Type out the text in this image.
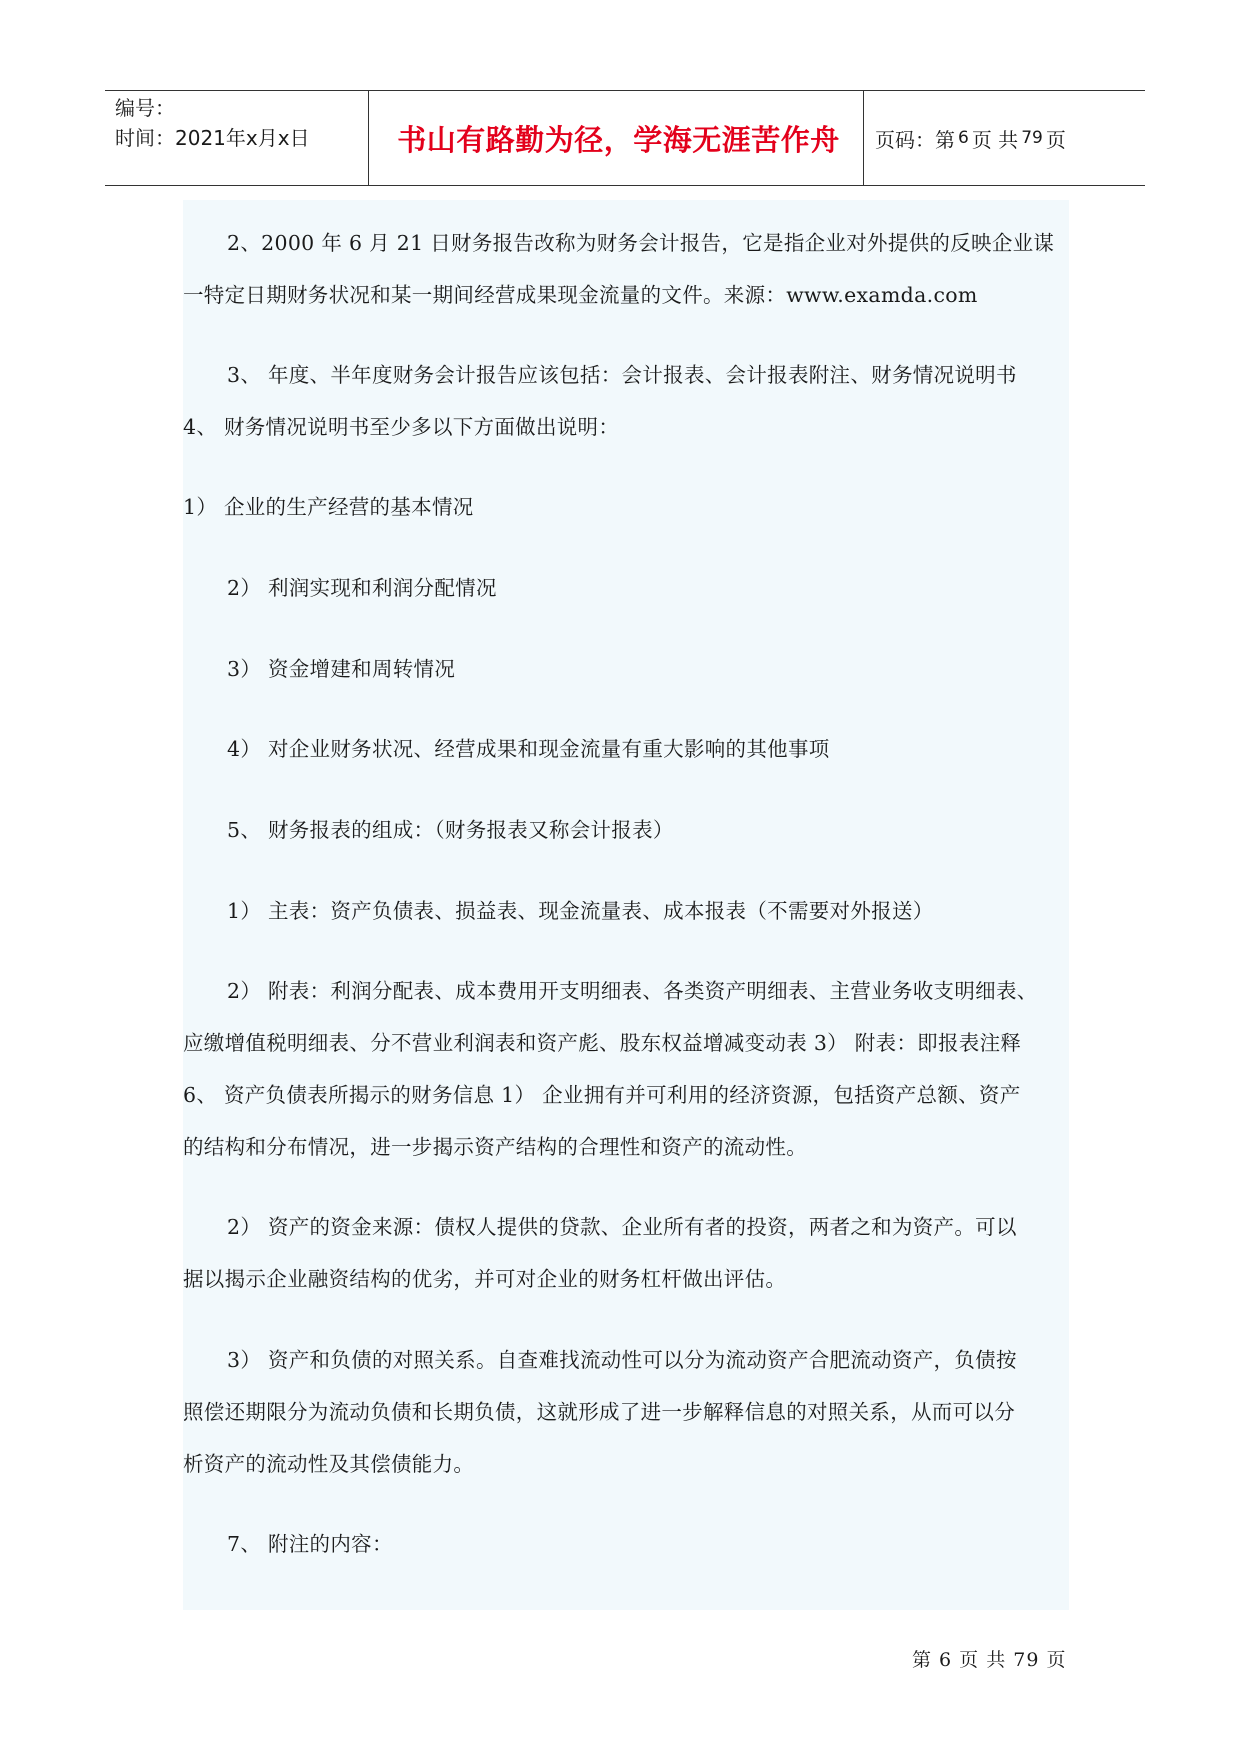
编号：
时间：2021年x月x日	书山有路勤为径，学海无涯苦作舟	页码：第 6 页 共 79 页
2、2000 年 6 月 21 日财务报告改称为财务会计报告，它是指企业对外提供的反映企业谋
一特定日期财务状况和某一期间经营成果现金流量的文件。来源：www.examda.com
3、 年度、半年度财务会计报告应该包括：会计报表、会计报表附注、财务情况说明书
4、 财务情况说明书至少多以下方面做出说明：
1） 企业的生产经营的基本情况
2） 利润实现和利润分配情况
3） 资金增建和周转情况
4） 对企业财务状况、经营成果和现金流量有重大影响的其他事项
5、 财务报表的组成：（财务报表又称会计报表）
1） 主表：资产负债表、损益表、现金流量表、成本报表（不需要对外报送）
2） 附表：利润分配表、成本费用开支明细表、各类资产明细表、主营业务收支明细表、
应缴增值税明细表、分不营业利润表和资产彪、股东权益增减变动表 3） 附表：即报表注释
6、 资产负债表所揭示的财务信息 1） 企业拥有并可利用的经济资源，包括资产总额、资产
的结构和分布情况，进一步揭示资产结构的合理性和资产的流动性。
2） 资产的资金来源：债权人提供的贷款、企业所有者的投资，两者之和为资产。可以
据以揭示企业融资结构的优劣，并可对企业的财务杠杆做出评估。
3） 资产和负债的对照关系。自查难找流动性可以分为流动资产合肥流动资产，负债按
照偿还期限分为流动负债和长期负债，这就形成了进一步解释信息的对照关系，从而可以分
析资产的流动性及其偿债能力。
7、 附注的内容：
第 6 页 共 79 页
